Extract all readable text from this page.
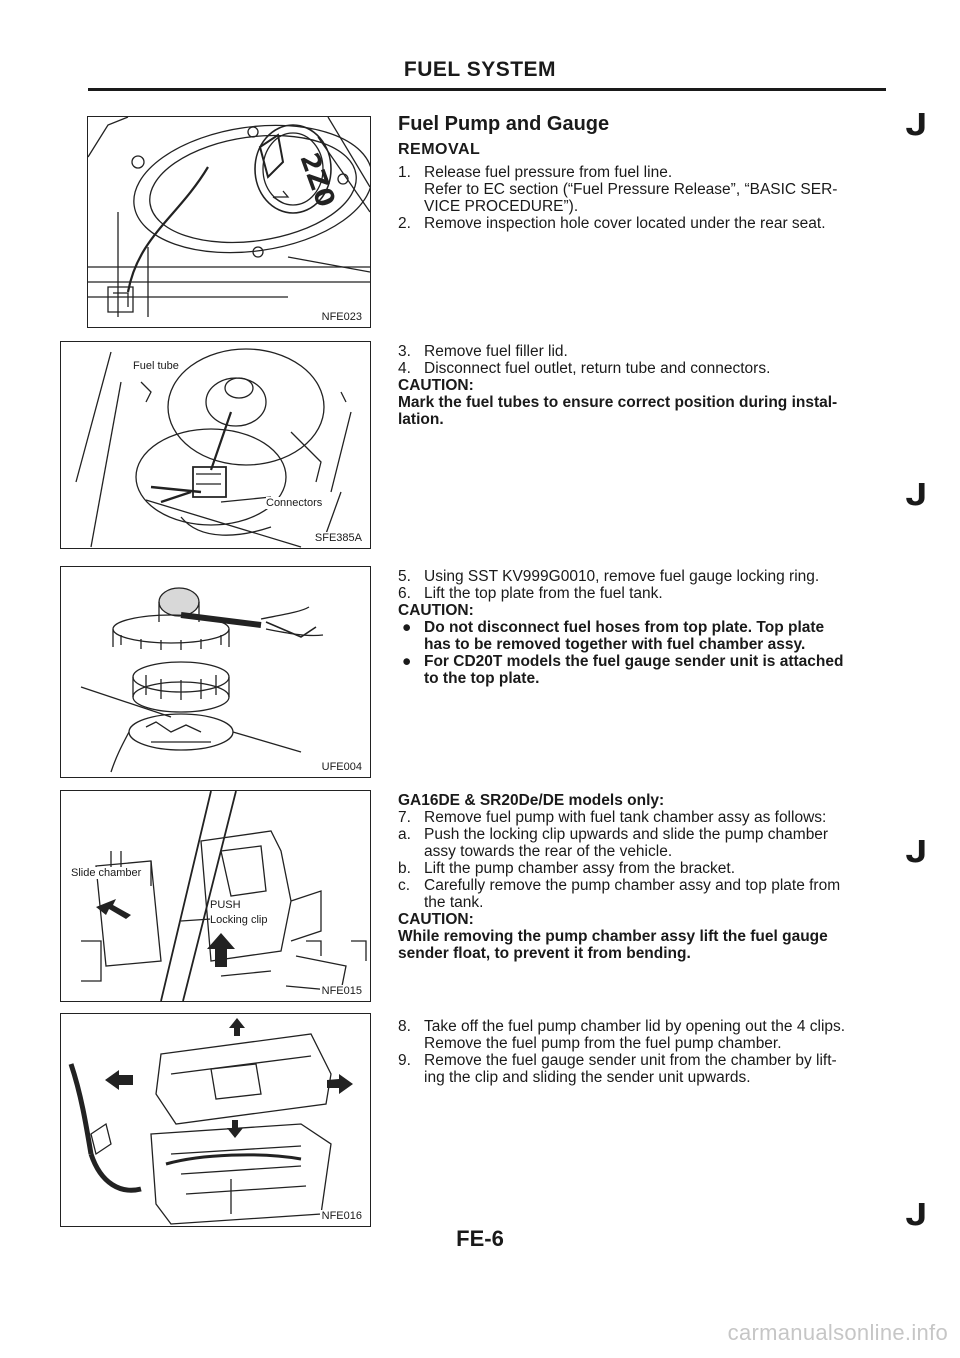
FUEL SYSTEM
2Z0
NFE023
Fuel tube
Connectors
SFE385A
UFE004
Slide chamber
PUSH
Locking clip
NFE015
NFE016
Fuel Pump and Gauge
REMOVAL
1. Release fuel pressure from fuel line.
Refer to EC section (“Fuel Pressure Release”, “BASIC SER-
VICE PROCEDURE”).
2. Remove inspection hole cover located under the rear seat.
3. Remove fuel filler lid.
4. Disconnect fuel outlet, return tube and connectors.
CAUTION:
Mark the fuel tubes to ensure correct position during instal-
lation.
5. Using SST KV999G0010, remove fuel gauge locking ring.
6. Lift the top plate from the fuel tank.
CAUTION:
● Do not disconnect fuel hoses from top plate. Top plate
has to be removed together with fuel chamber assy.
● For CD20T models the fuel gauge sender unit is attached
to the top plate.
GA16DE & SR20De/DE models only:
7. Remove fuel pump with fuel tank chamber assy as follows:
a. Push the locking clip upwards and slide the pump chamber
assy towards the rear of the vehicle.
b. Lift the pump chamber assy from the bracket.
c. Carefully remove the pump chamber assy and top plate from
the tank.
CAUTION:
While removing the pump chamber assy lift the fuel gauge
sender float, to prevent it from bending.
8. Take off the fuel pump chamber lid by opening out the 4 clips.
Remove the fuel pump from the fuel pump chamber.
9. Remove the fuel gauge sender unit from the chamber by lift-
ing the clip and sliding the sender unit upwards.
ᒍ
ᒍ
ᒍ
ᒍ
FE-6
carmanualsonline.info
